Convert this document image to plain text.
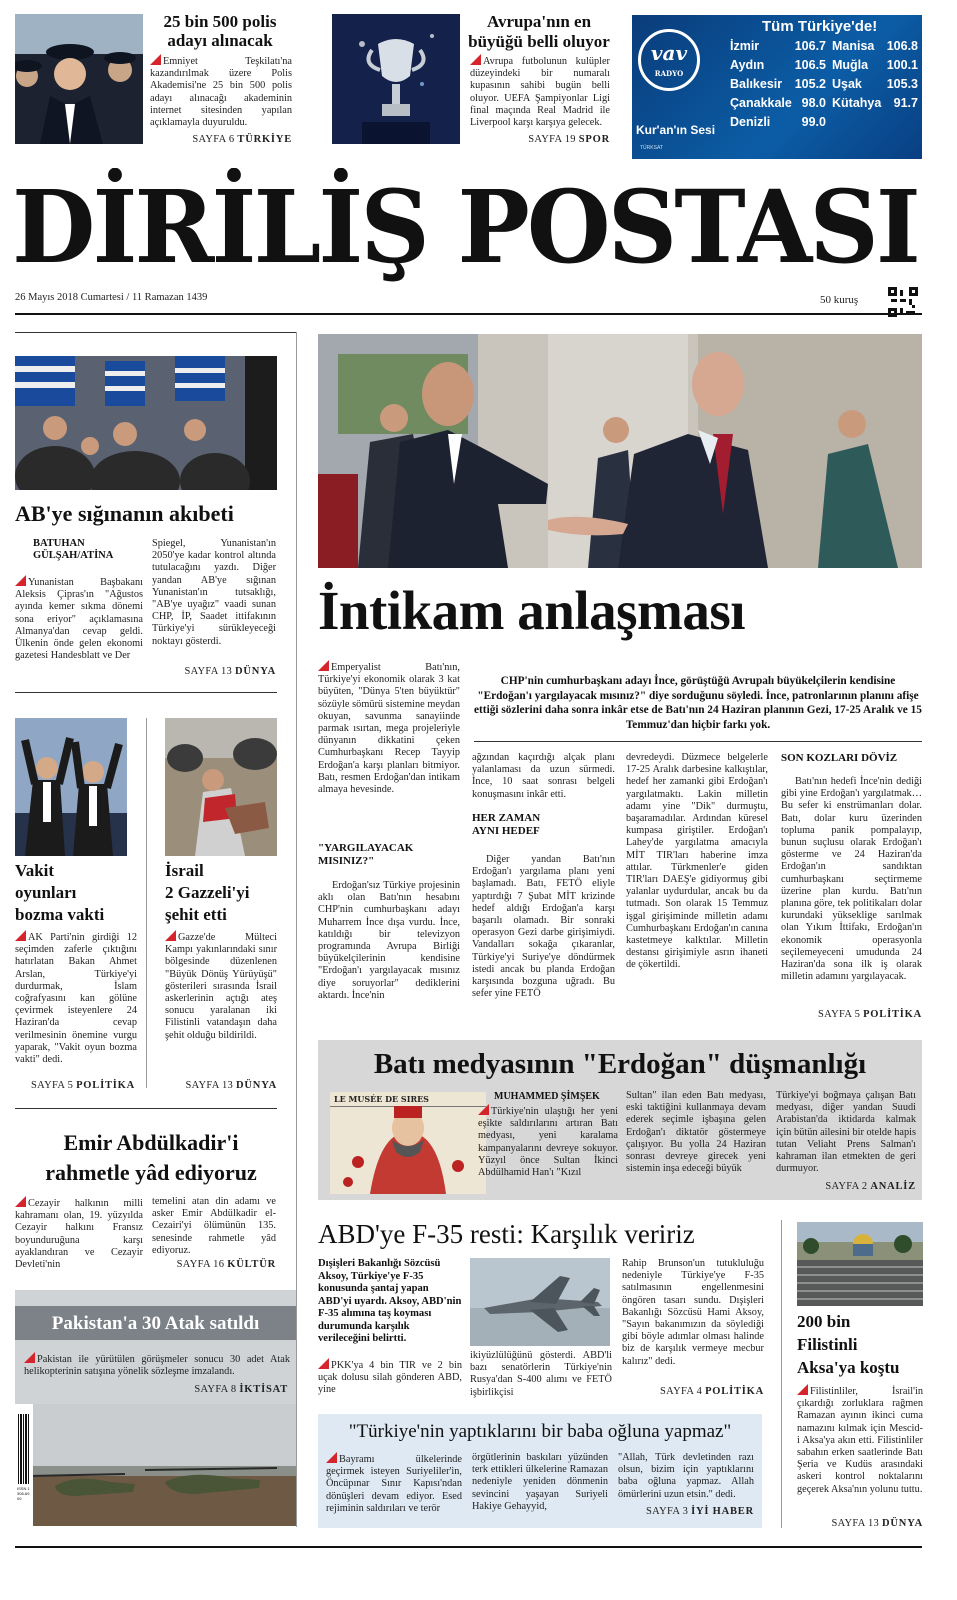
25 bin 500 polis
adayı alınacak
Emniyet Teşkilatı'na kazandırılmak üzere Polis Akademisi'ne 25 bin 500 polis adayı alınacağı akademinin internet sitesinden yapılan açıklamayla duyuruldu.
SAYFA 6 TÜRKİYE
Avrupa'nın en
büyüğü belli oluyor
Avrupa futbolunun kulüpler düzeyindeki bir numaralı kupasının sahibi bugün belli oluyor. UEFA Şampiyonlar Ligi final maçında Real Madrid ile Liverpool karşı karşıya gelecek.
SAYFA 19 SPOR
Tüm Türkiye'de!
vav
RADYO
Kur'an'ın Sesi
TÜRKSAT
İzmir	106.7 Manisa 106.8
Aydın 106.5 Muğla 100.1
Balıkesir 105.2 Uşak 105.3
Çanakkale 98.0 Kütahya 91.7
Denizli	99.0
DİRİLİŞ POSTASI
26 Mayıs 2018 Cumartesi / 11 Ramazan 1439	50 kuruş
AB'ye sığınanın akıbeti
BATUHAN
GÜLŞAH/ATİNA
Yunanistan Başbakanı Aleksis Çipras'ın "Ağustos ayında kemer sıkma dönemi sona eriyor" açıklamasına Almanya'dan cevap geldi. Ülkenin önde gelen ekonomi gazetesi Handesblatt ve Der
Spiegel, Yunanistan'ın 2050'ye kadar kontrol altında tutulacağını yazdı. Diğer yandan AB'ye sığınan Yunanistan'ın tutsaklığı, "AB'ye uyağız" vaadi sunan CHP, İP, Saadet ittifakının Türkiye'yi sürükleyeceği noktayı gösterdi.
SAYFA 13 DÜNYA
Vakit
oyunları
bozma vakti
AK Parti'nin girdiği 12 seçimden zaferle çıktığını hatırlatan Bakan Ahmet Arslan, Türkiye'yi durdurmak, İslam coğrafyasını kan gölüne çevirmek isteyenlere 24 Haziran'da cevap verilmesinin önemine vurgu yaparak, "Vakit oyun bozma vakti" dedi.
SAYFA 5 POLİTİKA
İsrail
2 Gazzeli'yi
şehit etti
Gazze'de Mülteci Kampı yakınlarındaki sınır bölgesinde düzenlenen "Büyük Dönüş Yürüyüşü" gösterileri sırasında İsrail askerlerinin açtığı ateş sonucu yaralanan iki Filistinli vatandaşın daha şehit olduğu bildirildi.
SAYFA 13 DÜNYA
Emir Abdülkadir'i
rahmetle yâd ediyoruz
Cezayir halkının milli kahramanı olan, 19. yüzyılda Cezayir halkını Fransız boyunduruğuna karşı ayaklandıran ve Cezayir Devleti'nin
temelini atan din adamı ve asker Emir Abdülkadir el-Cezairi'yi ölümünün 135. senesinde rahmetle yâd ediyoruz.
SAYFA 16 KÜLTÜR
Pakistan'a 30 Atak satıldı
Pakistan ile yürütülen görüşmeler sonucu 30 adet Atak helikopterinin satışına yönelik sözleşme imzalandı.
SAYFA 8 İKTİSAT
ISSN 1306-6900
İntikam anlaşması
Emperyalist Batı'nın, Türkiye'yi ekonomik olarak 3 kat büyüten, "Dünya 5'ten büyüktür" sözüyle sömürü sistemine meydan okuyan, savunma sanayiinde parmak ısırtan, mega projeleriyle dünyanın dikkatini çeken Cumhurbaşkanı Recep Tayyip Erdoğan'a karşı planları bitmiyor. Batı, resmen Erdoğan'dan intikam almaya hevesinde.
"YARGILAYACAK
MISINIZ?"
Erdoğan'sız Türkiye projesinin aklı olan Batı'nın hesabını CHP'nin cumhurbaşkanı adayı Muharrem İnce dışa vurdu. İnce, katıldığı bir televizyon programında Avrupa Birliği büyükelçilerinin kendisine "Erdoğan'ı yargılayacak mısınız diye soruyorlar" dediklerini aktardı. İnce'nin
CHP'nin cumhurbaşkanı adayı İnce, görüştüğü Avrupalı büyükelçilerin kendisine "Erdoğan'ı yargılayacak mısınız?" diye sorduğunu söyledi. İnce, patronlarının planını afişe ettiği sözlerini daha sonra inkâr etse de Batı'nın 24 Haziran planının Gezi, 17-25 Aralık ve 15 Temmuz'dan hiçbir farkı yok.
ağzından kaçırdığı alçak planı yalanlaması da uzun sürmedi. İnce, 10 saat sonrası belgeli konuşmasını inkâr etti.
HER ZAMAN
AYNI HEDEF
Diğer yandan Batı'nın Erdoğan'ı yargılama planı yeni başlamadı. Batı, FETÖ eliyle yaptırdığı 7 Şubat MİT krizinde hedef aldığı Erdoğan'a karşı başarılı olamadı. Bir sonraki operasyon Gezi darbe girişimiydi. Vandalları sokağa çıkaranlar, Türkiye'yi Suriye'ye döndürmek istedi ancak bu planda Erdoğan karşısında bozguna uğradı. Bu sefer yine FETÖ
devredeydi. Düzmece belgelerle 17-25 Aralık darbesine kalkıştılar, hedef her zamanki gibi Erdoğan'ı yargılatmaktı. Lakin milletin adamı yine "Dik" durmuştu, başaramadılar. Ardından küresel kumpasa giriştiler. Erdoğan'ı Lahey'de yargılatma amacıyla MİT TIR'ları haberine imza attılar. Türkmenler'e giden TIR'ları DAEŞ'e gidiyormuş gibi yalanlar uydurdular, ancak bu da tutmadı. Son olarak 15 Temmuz işgal girişiminde milletin adamı Cumhurbaşkanı Erdoğan'ın canına kastetmeye kalktılar. Milletin destansı girişimiyle asrın ihaneti de çökertildi.
SON KOZLARI DÖVİZ
Batı'nın hedefi İnce'nin dediği gibi yine Erdoğan'ı yargılatmak… Bu sefer ki enstrümanları dolar. Batı, dolar kuru üzerinden topluma panik pompalayıp, bunun suçlusu olarak Erdoğan'ı gösterme ve 24 Haziran'da Erdoğan'ın sandıktan cumhurbaşkanı seçtirmeme üzerine plan kurdu. Batı'nın planına göre, tek politikaları dolar kurundaki yükseklige sarılmak olan Yıkım İttifakı, Erdoğan'ın ekonomik operasyonla seçilemeyeceni umudunda 24 Haziran'da sona ilk iş olarak milletin adamını yargılayacak.
SAYFA 5 POLİTİKA
Batı medyasının "Erdoğan" düşmanlığı
LE MUSÉE DE SIRES	MUHAMMED ŞİMŞEK
Türkiye'nin ulaştığı her yeni eşikte saldırılarını artıran Batı medyası, yeni karalama kampanyalarını devreye sokuyor. Yüzyıl önce Sultan İkinci Abdülhamid Han'ı "Kızıl
Sultan" ilan eden Batı medyası, eski taktiğini kullanmaya devam ederek seçimle işbaşına gelen Erdoğan'ı diktatör göstermeye çalışıyor. Bu yolla 24 Haziran sonrası devreye girecek yeni sistemin inşa edeceği büyük
Türkiye'yi boğmaya çalışan Batı medyası, diğer yandan Suudi Arabistan'da iktidarda kalmak için bütün ailesini bir otelde hapis tutan Veliaht Prens Salman'ı kahraman ilan etmekten de geri durmuyor.
SAYFA 2 ANALİZ
ABD'ye F-35 resti: Karşılık veririz
Dışişleri Bakanlığı Sözcüsü Aksoy, Türkiye'ye F-35 konusunda şantaj yapan ABD'yi uyardı. Aksoy, ABD'nin F-35 alımına taş koyması durumunda karşılık verileceğini belirtti.
PKK'ya 4 bin TIR ve 2 bin uçak dolusu silah gönderen ABD, yine
ikiyüzlülüğünü gösterdi. ABD'li bazı senatörlerin Türkiye'nin Rusya'dan S-400 alımı ve FETÖ işbirlikçisi
Rahip Brunson'un tutukluluğu nedeniyle Türkiye'ye F-35 satılmasının engellenmesini öngören tasarı sundu. Dışişleri Bakanlığı Sözcüsü Hami Aksoy, "Sayın bakanımızın da söylediği gibi böyle adımlar olması halinde biz de karşılık vermeye mecbur kalırız" dedi.
SAYFA 4 POLİTİKA
200 bin
Filistinli
Aksa'ya koştu
Filistinliler, İsrail'in çıkardığı zorluklara rağmen Ramazan ayının ikinci cuma namazını kılmak için Mescid-i Aksa'ya akın etti. Filistinliler sabahın erken saatlerinde Batı Şeria ve Kudüs arasındaki askeri kontrol noktalarını geçerek Aksa'nın yolunu tuttu.
SAYFA 13 DÜNYA
"Türkiye'nin yaptıklarını bir baba oğluna yapmaz"
Bayramı ülkelerinde geçirmek isteyen Suriyeliler'in, Öncüpınar Sınır Kapısı'ndan dönüşleri devam ediyor. Esed rejiminin saldırıları ve terör
örgütlerinin baskıları yüzünden terk ettikleri ülkelerine Ramazan nedeniyle yeniden dönmenin sevincini yaşayan Suriyeli Hakiye Gehayyid,
"Allah, Türk devletinden razı olsun, bizim için yaptıklarını baba oğluna yapmaz. Allah ömürlerini uzun etsin." dedi.
SAYFA 3 İYİ HABER
